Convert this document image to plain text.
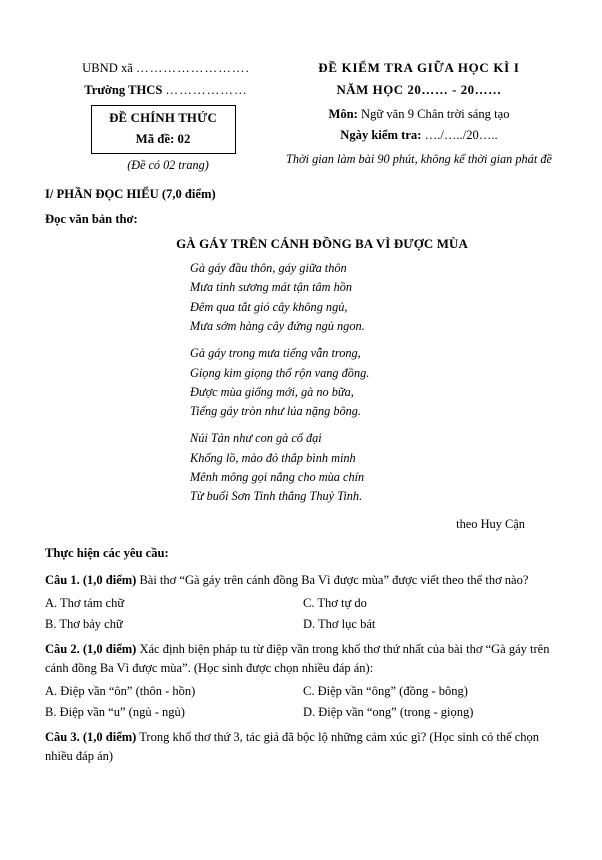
UBND xã …………………….
Trường THCS ………………
ĐỀ CHÍNH THỨC
Mã đề: 02
(Đề có 02 trang)
ĐỀ KIỂM TRA GIỮA HỌC KÌ I
NĂM HỌC 20…… - 20……
Môn: Ngữ văn 9 Chân trời sáng tạo
Ngày kiểm tra: …./…../20…..
Thời gian làm bài 90 phút, không kể thời gian phát đề
I/ PHẦN ĐỌC HIỂU (7,0 điểm)
Đọc văn bản thơ:
GÀ GÁY TRÊN CÁNH ĐỒNG BA VÌ ĐƯỢC MÙA
Gà gáy đầu thôn, gáy giữa thôn
Mưa tinh sương mát tận tâm hồn
Đêm qua tắt gió cây không ngủ,
Mưa sớm hàng cây đứng ngủ ngon.
Gà gáy trong mưa tiếng vẫn trong,
Giọng kim giọng thổ rộn vang đồng.
Được mùa giống mới, gà no bữa,
Tiếng gáy tròn như lúa nặng bông.
Núi Tản như con gà cổ đại
Khổng lồ, mào đỏ thắp bình minh
Mênh mông gọi nắng cho mùa chín
Từ buổi Sơn Tinh thắng Thuỷ Tinh.
theo Huy Cận
Thực hiện các yêu cầu:
Câu 1. (1,0 điểm) Bài thơ “Gà gáy trên cánh đồng Ba Vì được mùa” được viết theo thể thơ nào?
A. Thơ tám chữ
B. Thơ bảy chữ
C. Thơ tự do
D. Thơ lục bát
Câu 2. (1,0 điểm) Xác định biện pháp tu từ điệp vần trong khổ thơ thứ nhất của bài thơ “Gà gáy trên cánh đồng Ba Vì được mùa”. (Học sinh được chọn nhiều đáp án):
A. Điệp vần “ôn” (thôn - hồn)
B. Điệp vần “u” (ngủ - ngủ)
C. Điệp vần “ông” (đồng - bông)
D. Điệp vần “ong” (trong - giọng)
Câu 3. (1,0 điểm) Trong khổ thơ thứ 3, tác giả đã bộc lộ những cảm xúc gì? (Học sinh có thể chọn nhiều đáp án)
